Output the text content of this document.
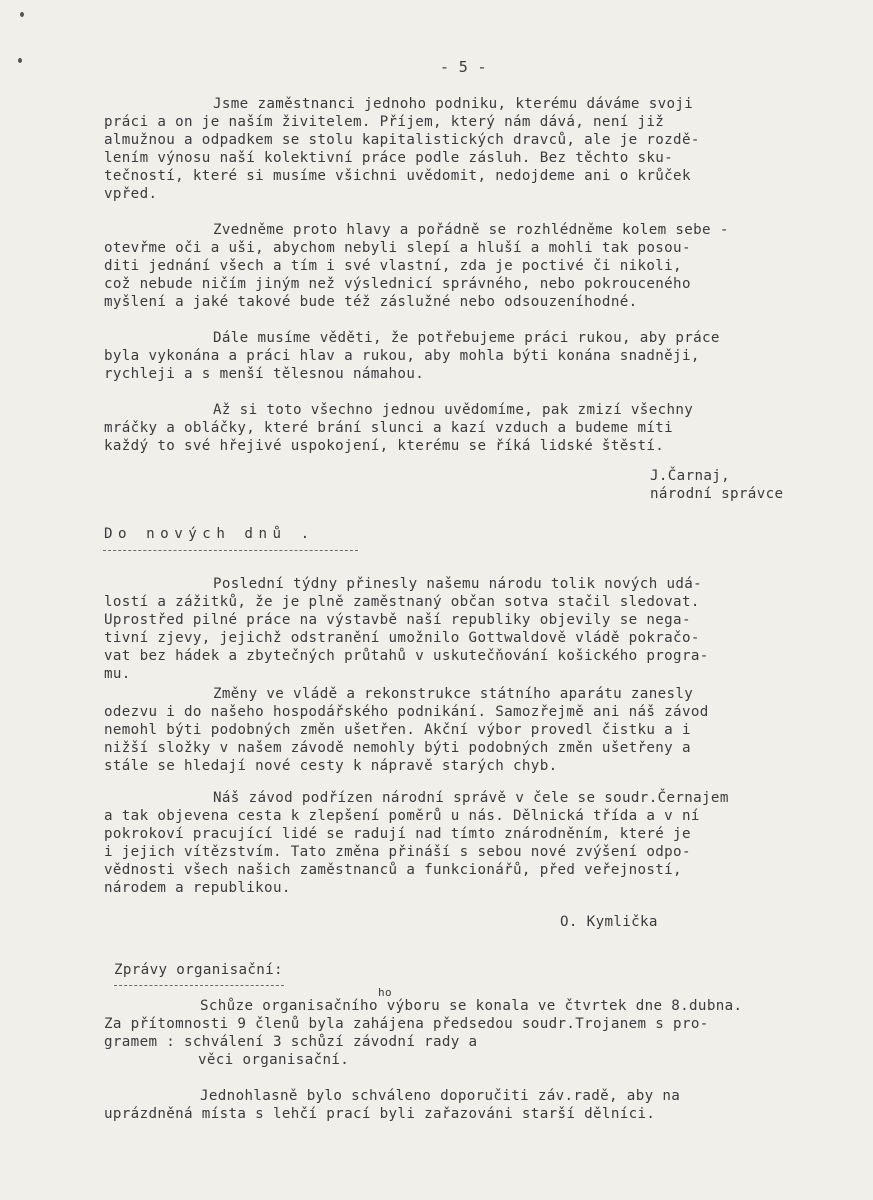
- 5 -
Jsme zaměstnanci jednoho podniku, kterému dáváme svoji
práci a on je naším živitelem. Příjem, který nám dává, není již
almužnou a odpadkem se stolu kapitalistických dravců, ale je rozdě-
lením výnosu naší kolektivní práce podle zásluh. Bez těchto sku-
tečností, které si musíme všichni uvědomit, nedojdeme ani o krůček
vpřed.
Zvedněme proto hlavy a pořádně se rozhlédněme kolem sebe -
otevřme oči a uši, abychom nebyli slepí a hluší a mohli tak posou-
diti jednání všech a tím i své vlastní, zda je poctivé či nikoli,
což nebude ničím jiným než výslednicí správného, nebo pokrouceného
myšlení a jaké takové bude též záslužné nebo odsouzeníhodné.
Dále musíme věděti, že potřebujeme práci rukou, aby práce
byla vykonána a práci hlav a rukou, aby mohla býti konána snadněji,
rychleji a s menší tělesnou námahou.
Až si toto všechno jednou uvědomíme, pak zmizí všechny
mráčky a obláčky, které brání slunci a kazí vzduch a budeme míti
každý to své hřejivé uspokojení, kterému se říká lidské štěstí.
J.Čarnaj,
národní správce
Do nových dnů .
Poslední týdny přinesly našemu národu tolik nových udá-
lostí a zážitků, že je plně zaměstnaný občan sotva stačil sledovat.
Uprostřed pilné práce na výstavbě naší republiky objevily se nega-
tivní zjevy, jejichž odstranění umožnilo Gottwaldově vládě pokračo-
vat bez hádek a zbytečných průtahů v uskutečňování košického progra-
mu.
Změny ve vládě a rekonstrukce státního aparátu zanesly
odezvu i do našeho hospodářského podnikání. Samozřejmě ani náš závod
nemohl býti podobných změn ušetřen. Akční výbor provedl čistku a i
nižší složky v našem závodě nemohly býti podobných změn ušetřeny a
stále se hledají nové cesty k nápravě starých chyb.
Náš závod podřízen národní správě v čele se soudr.Černajem
a tak objevena cesta k zlepšení poměrů u nás. Dělnická třída a v ní
pokrokoví pracující lidé se radují nad tímto znárodněním, které je
i jejich vítězstvím. Tato změna přináší s sebou nové zvýšení odpo-
vědnosti všech našich zaměstnanců a funkcionářů, před veřejností,
národem a republikou.
O. Kymlička
Zprávy organisační:
ho
Schůze organisačního výboru se konala ve čtvrtek dne 8.dubna.
Za přítomnosti 9 členů byla zahájena předsedou soudr.Trojanem s pro-
gramem : schválení 3 schůzí závodní rady a
věci organisační.
Jednohlasně bylo schváleno doporučiti záv.radě, aby na
uprázdněná místa s lehčí prací byli zařazováni starší dělníci.
